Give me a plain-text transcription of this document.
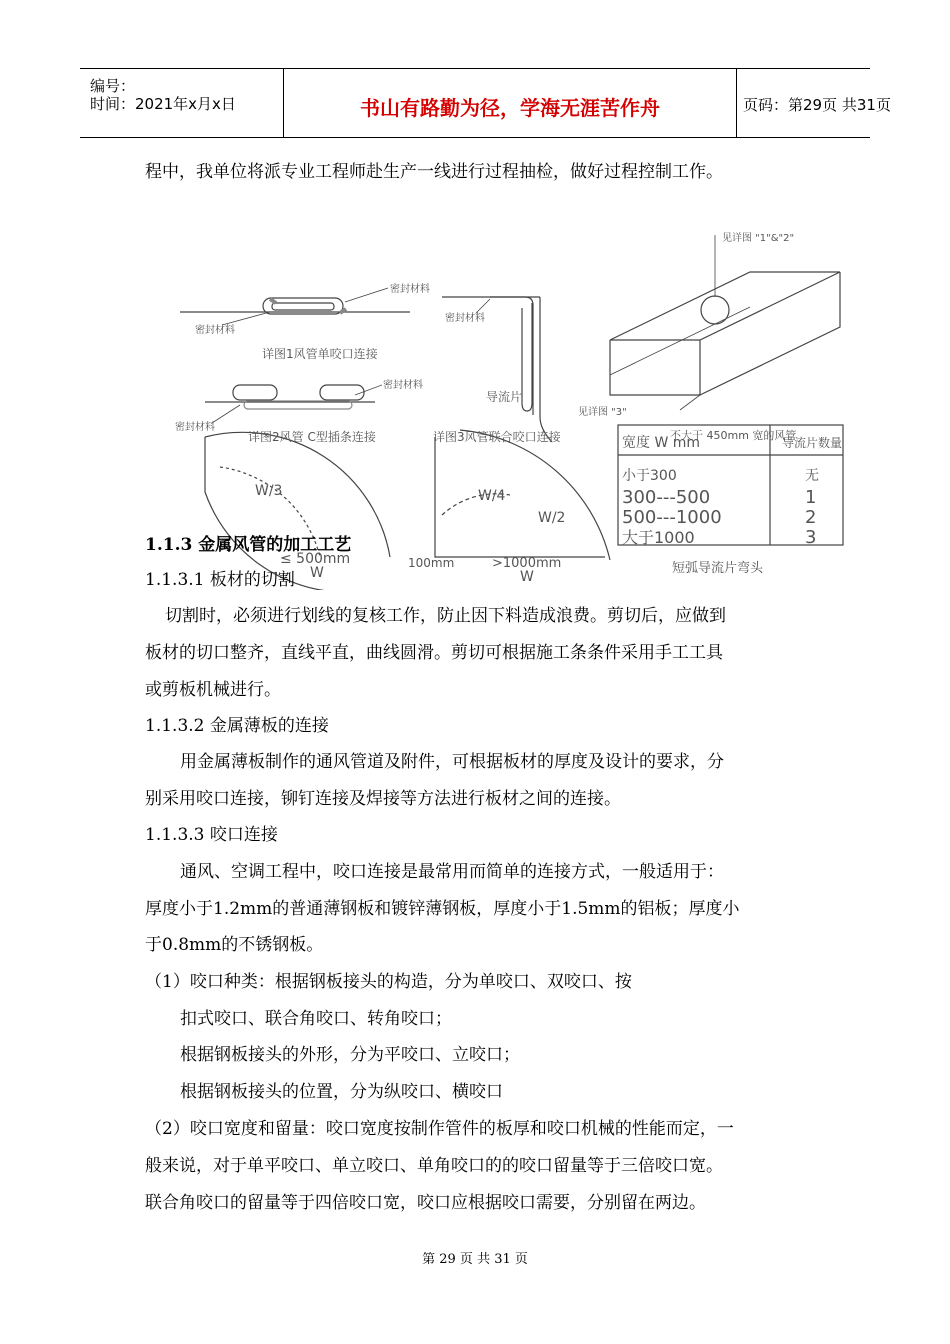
编号：
时间：2021年x月x日	书山有路勤为径，学海无涯苦作舟	页码：第29页 共31页
程中，我单位将派专业工程师赴生产一线进行过程抽检，做好过程控制工作。
密封材料
密封材料
详图1风管单咬口连接
密封材料
密封材料
密封材料
详图2风管 C型插条连接
导流片
详图3风管联合咬口连接
见详图 "1"&"2"
见详图 "3"
宽度 W mm
不大于 450mm 宽的风管
导流片数量
小于300	无
300---500	1
500---1000	2
大于1000	3
短弧导流片弯头
W/3	W/4
W/2
≤ 500mm	100mm	>1000mm
W	W
1.1.3 金属风管的加工工艺
1.1.3.1 板材的切割
切割时，必须进行划线的复核工作，防止因下料造成浪费。剪切后，应做到
板材的切口整齐，直线平直，曲线圆滑。剪切可根据施工条条件采用手工工具
或剪板机械进行。
1.1.3.2 金属薄板的连接
用金属薄板制作的通风管道及附件，可根据板材的厚度及设计的要求，分
别采用咬口连接，铆钉连接及焊接等方法进行板材之间的连接。
1.1.3.3 咬口连接
通风、空调工程中，咬口连接是最常用而简单的连接方式，一般适用于：
厚度小于1.2mm的普通薄钢板和镀锌薄钢板，厚度小于1.5mm的铝板；厚度小
于0.8mm的不锈钢板。
（1）咬口种类：根据钢板接头的构造，分为单咬口、双咬口、按
扣式咬口、联合角咬口、转角咬口；
根据钢板接头的外形，分为平咬口、立咬口；
根据钢板接头的位置，分为纵咬口、横咬口
（2）咬口宽度和留量：咬口宽度按制作管件的板厚和咬口机械的性能而定，一
般来说，对于单平咬口、单立咬口、单角咬口的的咬口留量等于三倍咬口宽。
联合角咬口的留量等于四倍咬口宽，咬口应根据咬口需要，分别留在两边。
第 29 页 共 31 页
